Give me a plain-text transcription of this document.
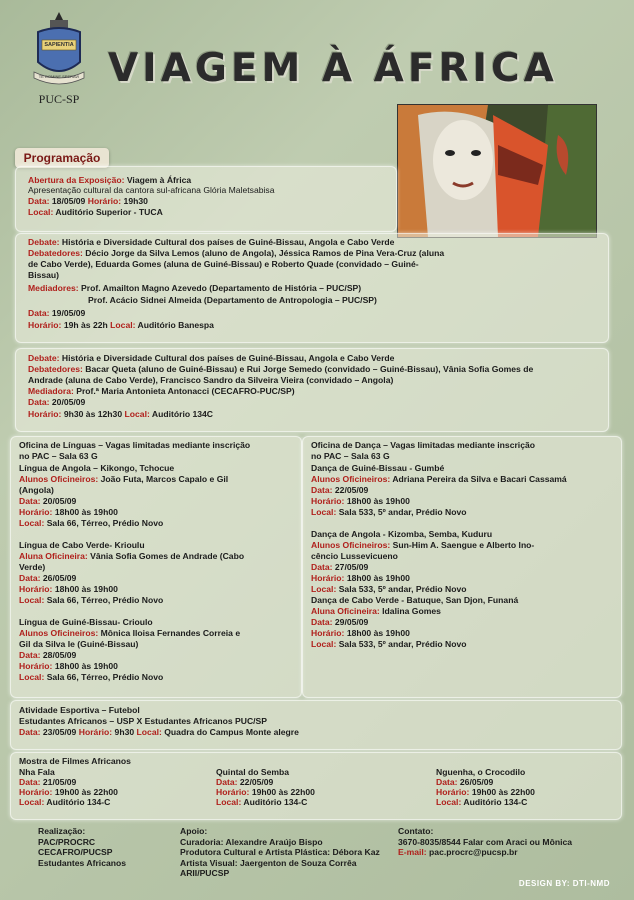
SAPIENTIA
TE DOMINE SPERAVI
PUC-SP
VIAGEM À ÁFRICA
Programação
Abertura da Exposição: Viagem à África
Apresentação cultural da cantora sul-africana Glória Maletsabisa
Data: 18/05/09 Horário: 19h30
Local: Auditório Superior - TUCA
Debate: História e Diversidade Cultural dos países de Guiné-Bissau, Angola e Cabo Verde
Debatedores: Décio Jorge da Silva Lemos (aluno de Angola), Jéssica Ramos de Pina Vera-Cruz (aluna
de Cabo Verde), Eduarda Gomes (aluna de Guiné-Bissau) e Roberto Quade (convidado – Guiné-
Bissau)
Mediadores: Prof. Amailton Magno Azevedo (Departamento de História – PUC/SP)
Prof. Acácio Sidnei Almeida (Departamento de Antropologia – PUC/SP)
Data: 19/05/09
Horário: 19h às 22h Local: Auditório Banespa
Debate: História e Diversidade Cultural dos países de Guiné-Bissau, Angola e Cabo Verde
Debatedores: Bacar Queta (aluno de Guiné-Bissau) e Rui Jorge Semedo (convidado – Guiné-Bissau), Vânia Sofia Gomes de
Andrade (aluna de Cabo Verde), Francisco Sandro da Silveira Vieira (convidado – Angola)
Mediadora: Prof.ª Maria Antonieta Antonacci (CECAFRO-PUC/SP)
Data: 20/05/09
Horário: 9h30 às 12h30 Local: Auditório 134C
Oficina de Línguas – Vagas limitadas mediante inscrição
no PAC – Sala 63 G
Língua de Angola – Kikongo, Tchocue
Alunos Oficineiros: João Futa, Marcos Capalo e Gil
(Angola)
Data: 20/05/09
Horário: 18h00 às 19h00
Local: Sala 66, Térreo, Prédio Novo
Língua de Cabo Verde- Krioulu
Aluna Oficineira: Vânia Sofia Gomes de Andrade (Cabo
Verde)
Data: 26/05/09
Horário: 18h00 às 19h00
Local: Sala 66, Térreo, Prédio Novo
Língua de Guiné-Bissau- Crioulo
Alunos Oficineiros: Mônica Iloisa Fernandes Correia e
Gil da Silva Ie (Guiné-Bissau)
Data: 28/05/09
Horário: 18h00 às 19h00
Local: Sala 66, Térreo, Prédio Novo
Oficina de Dança – Vagas limitadas mediante inscrição
no PAC – Sala 63 G
Dança de Guiné-Bissau - Gumbé
Alunos Oficineiros: Adriana Pereira da Silva e Bacari Cassamá
Data: 22/05/09
Horário: 18h00 às 19h00
Local: Sala 533, 5º andar, Prédio Novo
Dança de Angola - Kizomba, Semba, Kuduru
Alunos Oficineiros: Sun-Him A. Saengue e Alberto Ino-
cêncio Lussevicueno
Data: 27/05/09
Horário: 18h00 às 19h00
Local: Sala 533, 5º andar, Prédio Novo
Dança de Cabo Verde - Batuque, San Djon, Funaná
Aluna Oficineira: Idalina Gomes
Data: 29/05/09
Horário: 18h00 às 19h00
Local: Sala 533, 5º andar, Prédio Novo
Atividade Esportiva – Futebol
Estudantes Africanos – USP X Estudantes Africanos PUC/SP
Data: 23/05/09 Horário: 9h30 Local: Quadra do Campus Monte alegre
Mostra de Filmes Africanos
Nha Fala
Data: 21/05/09
Horário: 19h00 às 22h00
Local: Auditório 134-C
Quintal do Semba
Data: 22/05/09
Horário: 19h00 às 22h00
Local: Auditório 134-C
Nguenha, o Crocodilo
Data: 26/05/09
Horário: 19h00 às 22h00
Local: Auditório 134-C
Realização:
PAC/PROCRC
CECAFRO/PUCSP
Estudantes Africanos
Apoio:
Curadoria: Alexandre Araújo Bispo
Produtora Cultural e Artista Plástica: Débora Kaz
Artista Visual: Jaergenton de Souza Corrêa
ARII/PUCSP
Contato:
3670-8035/8544 Falar com Araci ou Mônica
E-mail: pac.procrc@pucsp.br
DESIGN BY: DTI-NMD
